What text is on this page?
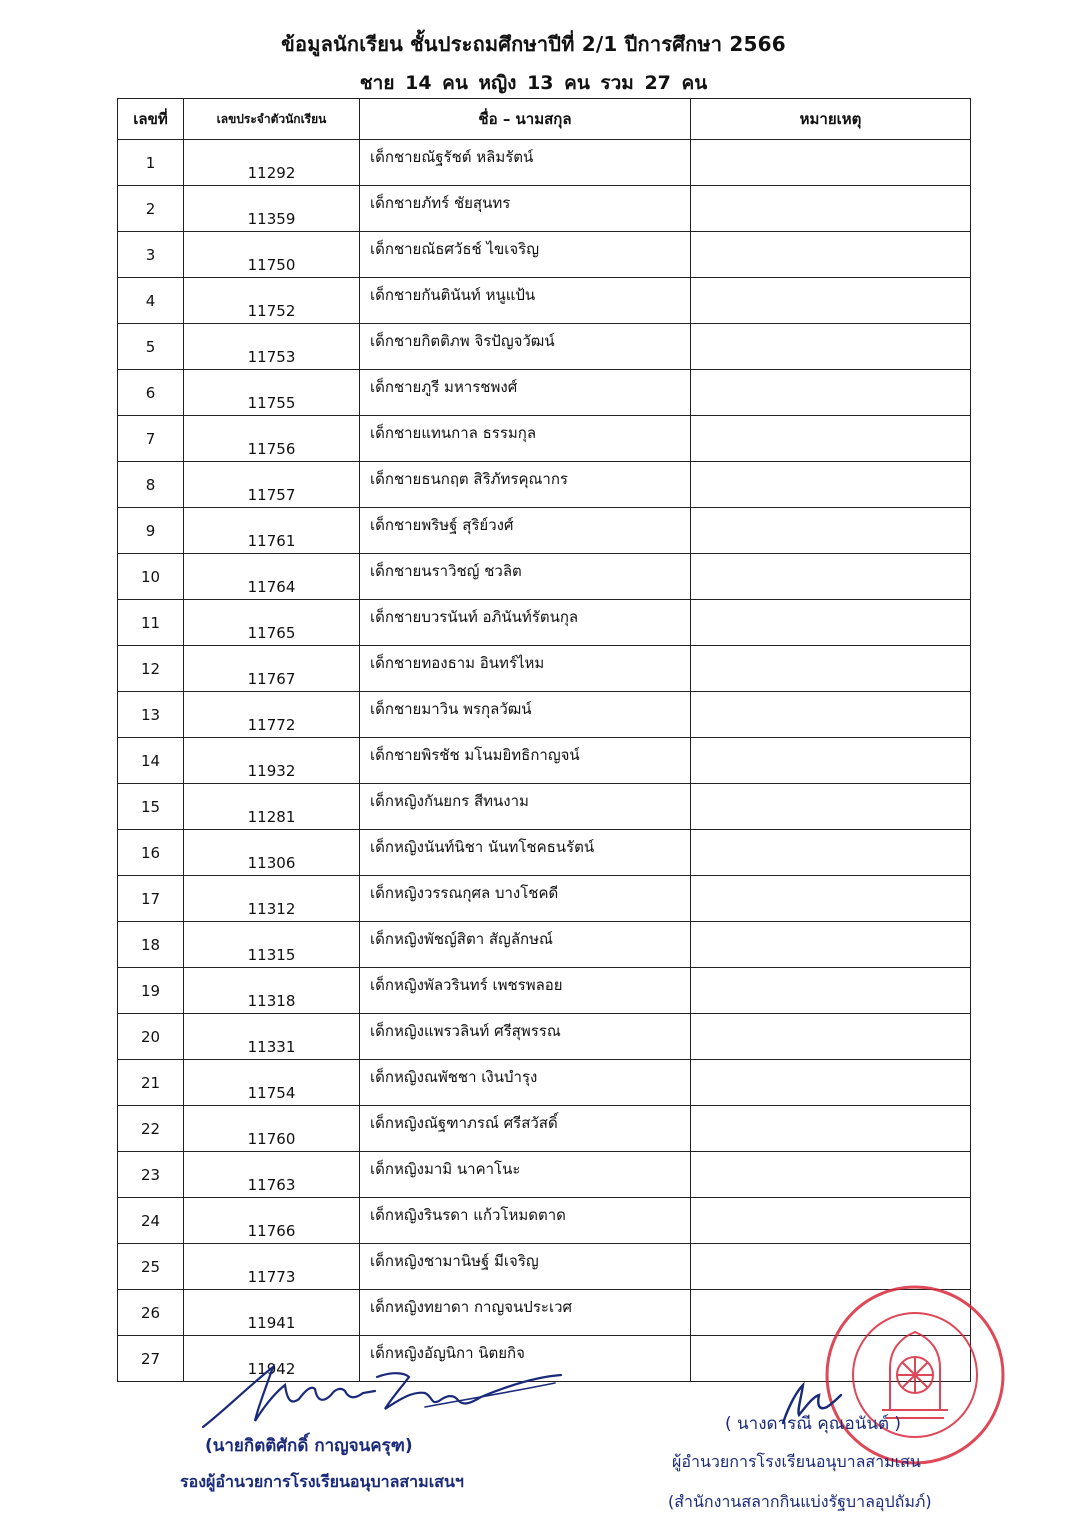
ข้อมูลนักเรียน ชั้นประถมศึกษาปีที่ 2/1 ปีการศึกษา 2566
ชาย 14 คน หญิง 13 คน รวม 27 คน
เลขที่	เลขประจำตัวนักเรียน	ชื่อ – นามสกุล	หมายเหตุ
1	11292	เด็กชายณัฐรัชต์ หลิมรัตน์	
2	11359	เด็กชายภัทร์ ชัยสุนทร	
3	11750	เด็กชายณัธศวัธช์ ไขเจริญ	
4	11752	เด็กชายกันตินันท์ หนูแป้น	
5	11753	เด็กชายกิตติภพ จิรปัญจวัฒน์	
6	11755	เด็กชายภูรี มหารชพงศ์	
7	11756	เด็กชายแทนกาล ธรรมกุล	
8	11757	เด็กชายธนกฤต สิริภัทรคุณากร	
9	11761	เด็กชายพริษฐ์ สุริย์วงศ์	
10	11764	เด็กชายนราวิชญ์ ชวลิต	
11	11765	เด็กชายบวรนันท์ อภินันท์รัตนกุล	
12	11767	เด็กชายทองธาม อินทร์ไหม	
13	11772	เด็กชายมาวิน พรกุลวัฒน์	
14	11932	เด็กชายพิรชัช มโนมยิทธิกาญจน์	
15	11281	เด็กหญิงกันยกร สีทนงาม	
16	11306	เด็กหญิงนันท์นิชา นันทโชคธนรัตน์	
17	11312	เด็กหญิงวรรณกุศล บางโชคดี	
18	11315	เด็กหญิงพัชญ์สิตา สัญลักษณ์	
19	11318	เด็กหญิงพัลวรินทร์ เพชรพลอย	
20	11331	เด็กหญิงแพรวลินท์ ศรีสุพรรณ	
21	11754	เด็กหญิงณพัชชา เงินบำรุง	
22	11760	เด็กหญิงณัฐฑาภรณ์ ศรีสวัสดิ์	
23	11763	เด็กหญิงมามิ นาคาโนะ	
24	11766	เด็กหญิงรินรดา แก้วโหมดตาด	
25	11773	เด็กหญิงชามานิษฐ์ มีเจริญ	
26	11941	เด็กหญิงทยาดา กาญจนประเวศ	
27	11942	เด็กหญิงอัญนิกา นิตยกิจ	
(นายกิตติศักดิ์ กาญจนครุฑ)
รองผู้อำนวยการโรงเรียนอนุบาลสามเสนฯ
( นางดารณี คุณอนันต์ )
ผู้อำนวยการโรงเรียนอนุบาลสามเสน
(สำนักงานสลากกินแบ่งรัฐบาลอุปถัมภ์)
